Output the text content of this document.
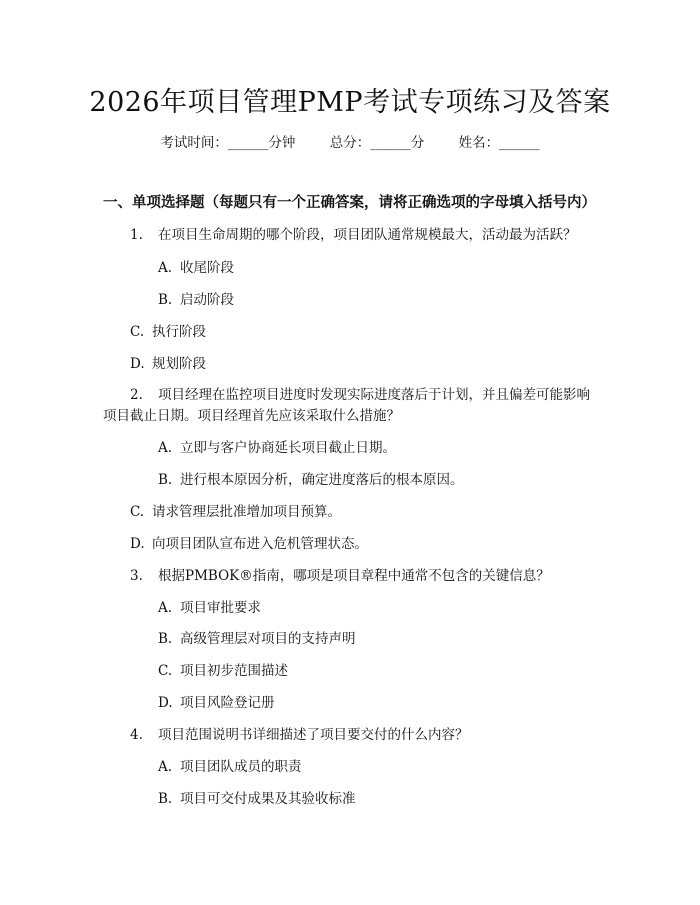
2026年项目管理PMP考试专项练习及答案
考试时间：______分钟	总分：______分	姓名：______
一、单项选择题（每题只有一个正确答案，请将正确选项的字母填入括号内）
1. 在项目生命周期的哪个阶段，项目团队通常规模最大，活动最为活跃？
A. 收尾阶段
B. 启动阶段
C. 执行阶段
D. 规划阶段
2. 项目经理在监控项目进度时发现实际进度落后于计划，并且偏差可能影响
项目截止日期。项目经理首先应该采取什么措施？
A. 立即与客户协商延长项目截止日期。
B. 进行根本原因分析，确定进度落后的根本原因。
C. 请求管理层批准增加项目预算。
D. 向项目团队宣布进入危机管理状态。
3. 根据PMBOK®指南，哪项是项目章程中通常不包含的关键信息？
A. 项目审批要求
B. 高级管理层对项目的支持声明
C. 项目初步范围描述
D. 项目风险登记册
4. 项目范围说明书详细描述了项目要交付的什么内容？
A. 项目团队成员的职责
B. 项目可交付成果及其验收标准
